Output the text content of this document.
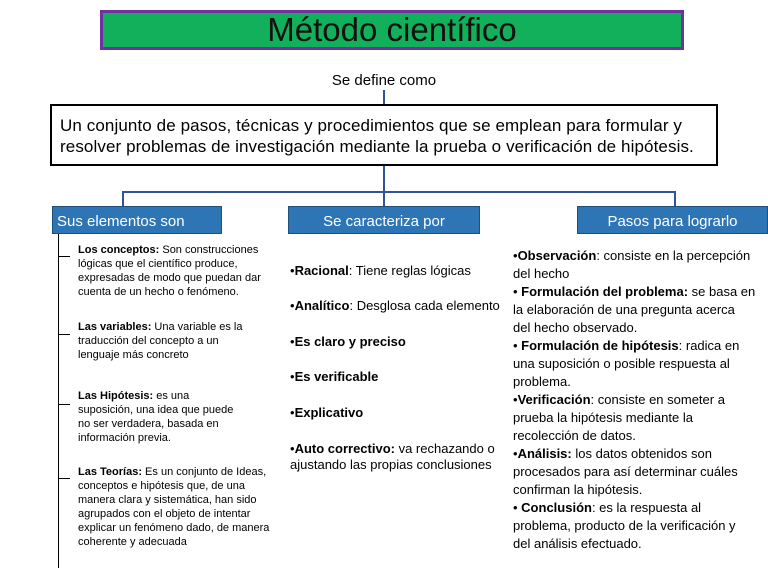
Método científico
Se define como
Un conjunto de pasos, técnicas y procedimientos que se emplean para formular y
resolver problemas de investigación mediante la prueba o verificación de hipótesis.
Sus elementos son	Se caracteriza por	Pasos para lograrlo

Los conceptos: Son construcciones

lógicas que el científico produce,

expresadas de modo que puedan dar

cuenta de un hecho o fenómeno.

Las variables: Una variable es la

traducción del concepto a un

lenguaje más concreto

Las Hipótesis: es una

suposición, una idea que puede

no ser verdadera, basada en

información previa.

Las Teorías: Es un conjunto de Ideas,
conceptos e hipótesis que, de una
manera clara y sistemática, han sido
agrupados con el objeto de intentar
explicar un fenómeno dado, de manera
coherente y adecuada

•Racional: Tiene reglas lógicas

•Analítico: Desglosa cada elemento

•Es claro y preciso

•Es verificable

•Explicativo

•Auto correctivo: va rechazando o

ajustando las propias conclusiones

•Observación: consiste en la percepción

del hecho

• Formulación del problema: se basa en

la elaboración de una pregunta acerca

del hecho observado.

• Formulación de hipótesis: radica en

una suposición o posible respuesta al

problema.

•Verificación: consiste en someter a

prueba la hipótesis mediante la

recolección de datos.

•Análisis: los datos obtenidos son

procesados para así determinar cuáles

confirman la hipótesis.

• Conclusión: es la respuesta al

problema, producto de la verificación y

del análisis efectuado.
